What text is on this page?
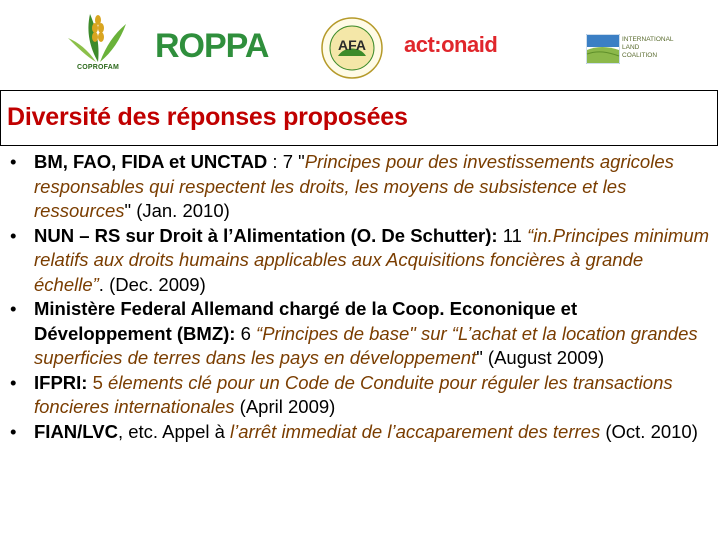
COPROFAM
ROPPA	AFA act:onaid	INTERNATIONAL
LAND
COALITION
Diversité des réponses proposées
• BM, FAO, FIDA et UNCTAD : 7 "Principes pour des investissements agricoles responsables qui respectent les droits, les moyens de subsistence et les ressources" (Jan. 2010)
• NUN – RS sur Droit à l’Alimentation (O. De Schutter): 11 “in.Principes minimum relatifs aux droits humains applicables aux Acquisitions foncières à grande échelle”. (Dec. 2009)
• Ministère Federal Allemand chargé de la Coop. Econonique et Développement (BMZ): 6 “Principes de base" sur “L’achat et la location grandes superficies de terres dans les pays en développement" (August 2009)
• IFPRI: 5 élements clé pour un Code de Conduite pour réguler les transactions foncieres internationales (April 2009)
• FIAN/LVC, etc. Appel à l’arrêt immediat de l’accaparement des terres (Oct. 2010)
